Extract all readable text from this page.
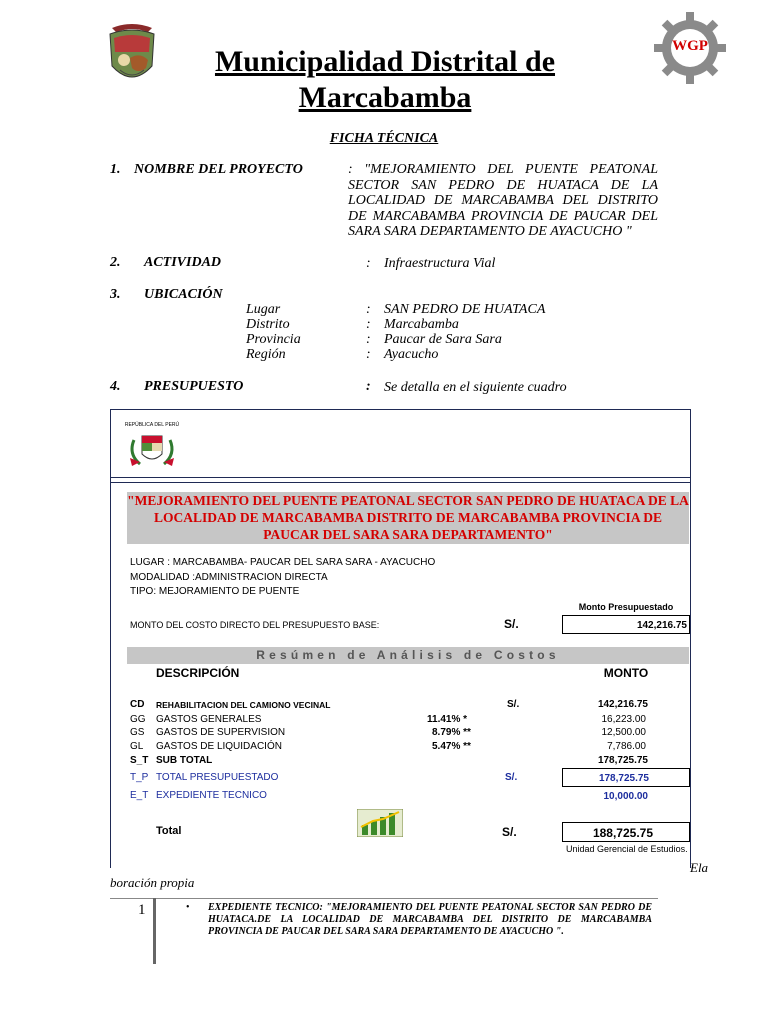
Municipalidad Distrital de Marcabamba
WGP
FICHA TÉCNICA
1. NOMBRE DEL PROYECTO	: "MEJORAMIENTO DEL PUENTE PEATONAL SECTOR SAN PEDRO DE HUATACA DE LA LOCALIDAD DE MARCABAMBA DEL DISTRITO DE MARCABAMBA PROVINCIA DE PAUCAR DEL SARA SARA DEPARTAMENTO DE AYACUCHO "
2. ACTIVIDAD	: Infraestructura Vial
3. UBICACIÓN
Lugar	: SAN PEDRO DE HUATACA
Distrito	: Marcabamba
Provincia	: Paucar de Sara Sara
Región	: Ayacucho
4. PRESUPUESTO	: Se detalla en el siguiente cuadro
REPÚBLICA DEL PERÚ
"MEJORAMIENTO DEL PUENTE PEATONAL SECTOR SAN PEDRO DE HUATACA DE LA LOCALIDAD DE MARCABAMBA DISTRITO DE MARCABAMBA PROVINCIA DE PAUCAR DEL SARA SARA DEPARTAMENTO"
LUGAR : MARCABAMBA- PAUCAR DEL SARA SARA - AYACUCHO
MODALIDAD :ADMINISTRACION DIRECTA
TIPO: MEJORAMIENTO DE PUENTE
Monto Presupuestado
MONTO DEL COSTO DIRECTO DEL PRESUPUESTO BASE:	S/.	142,216.75
Resúmen de Análisis de Costos
DESCRIPCIÓN	MONTO
CD REHABILITACION DEL CAMIONO VECINAL	S/.	142,216.75
GG GASTOS GENERALES	11.41% *	16,223.00
GS GASTOS DE SUPERVISION	8.79% **	12,500.00
GL GASTOS DE LIQUIDACIÓN	5.47% **	7,786.00
S_T SUB TOTAL	178,725.75
T_P TOTAL PRESUPUESTADO	S/.	178,725.75
E_T EXPEDIENTE TECNICO	10,000.00
Total	S/.	188,725.75
Unidad Gerencial de Estudios.
Ela
boración propia
1	• EXPEDIENTE TECNICO: "MEJORAMIENTO DEL PUENTE PEATONAL SECTOR SAN PEDRO DE HUATACA.DE LA LOCALIDAD DE MARCABAMBA DEL DISTRITO DE MARCABAMBA PROVINCIA DE PAUCAR DEL SARA SARA DEPARTAMENTO DE AYACUCHO ".
